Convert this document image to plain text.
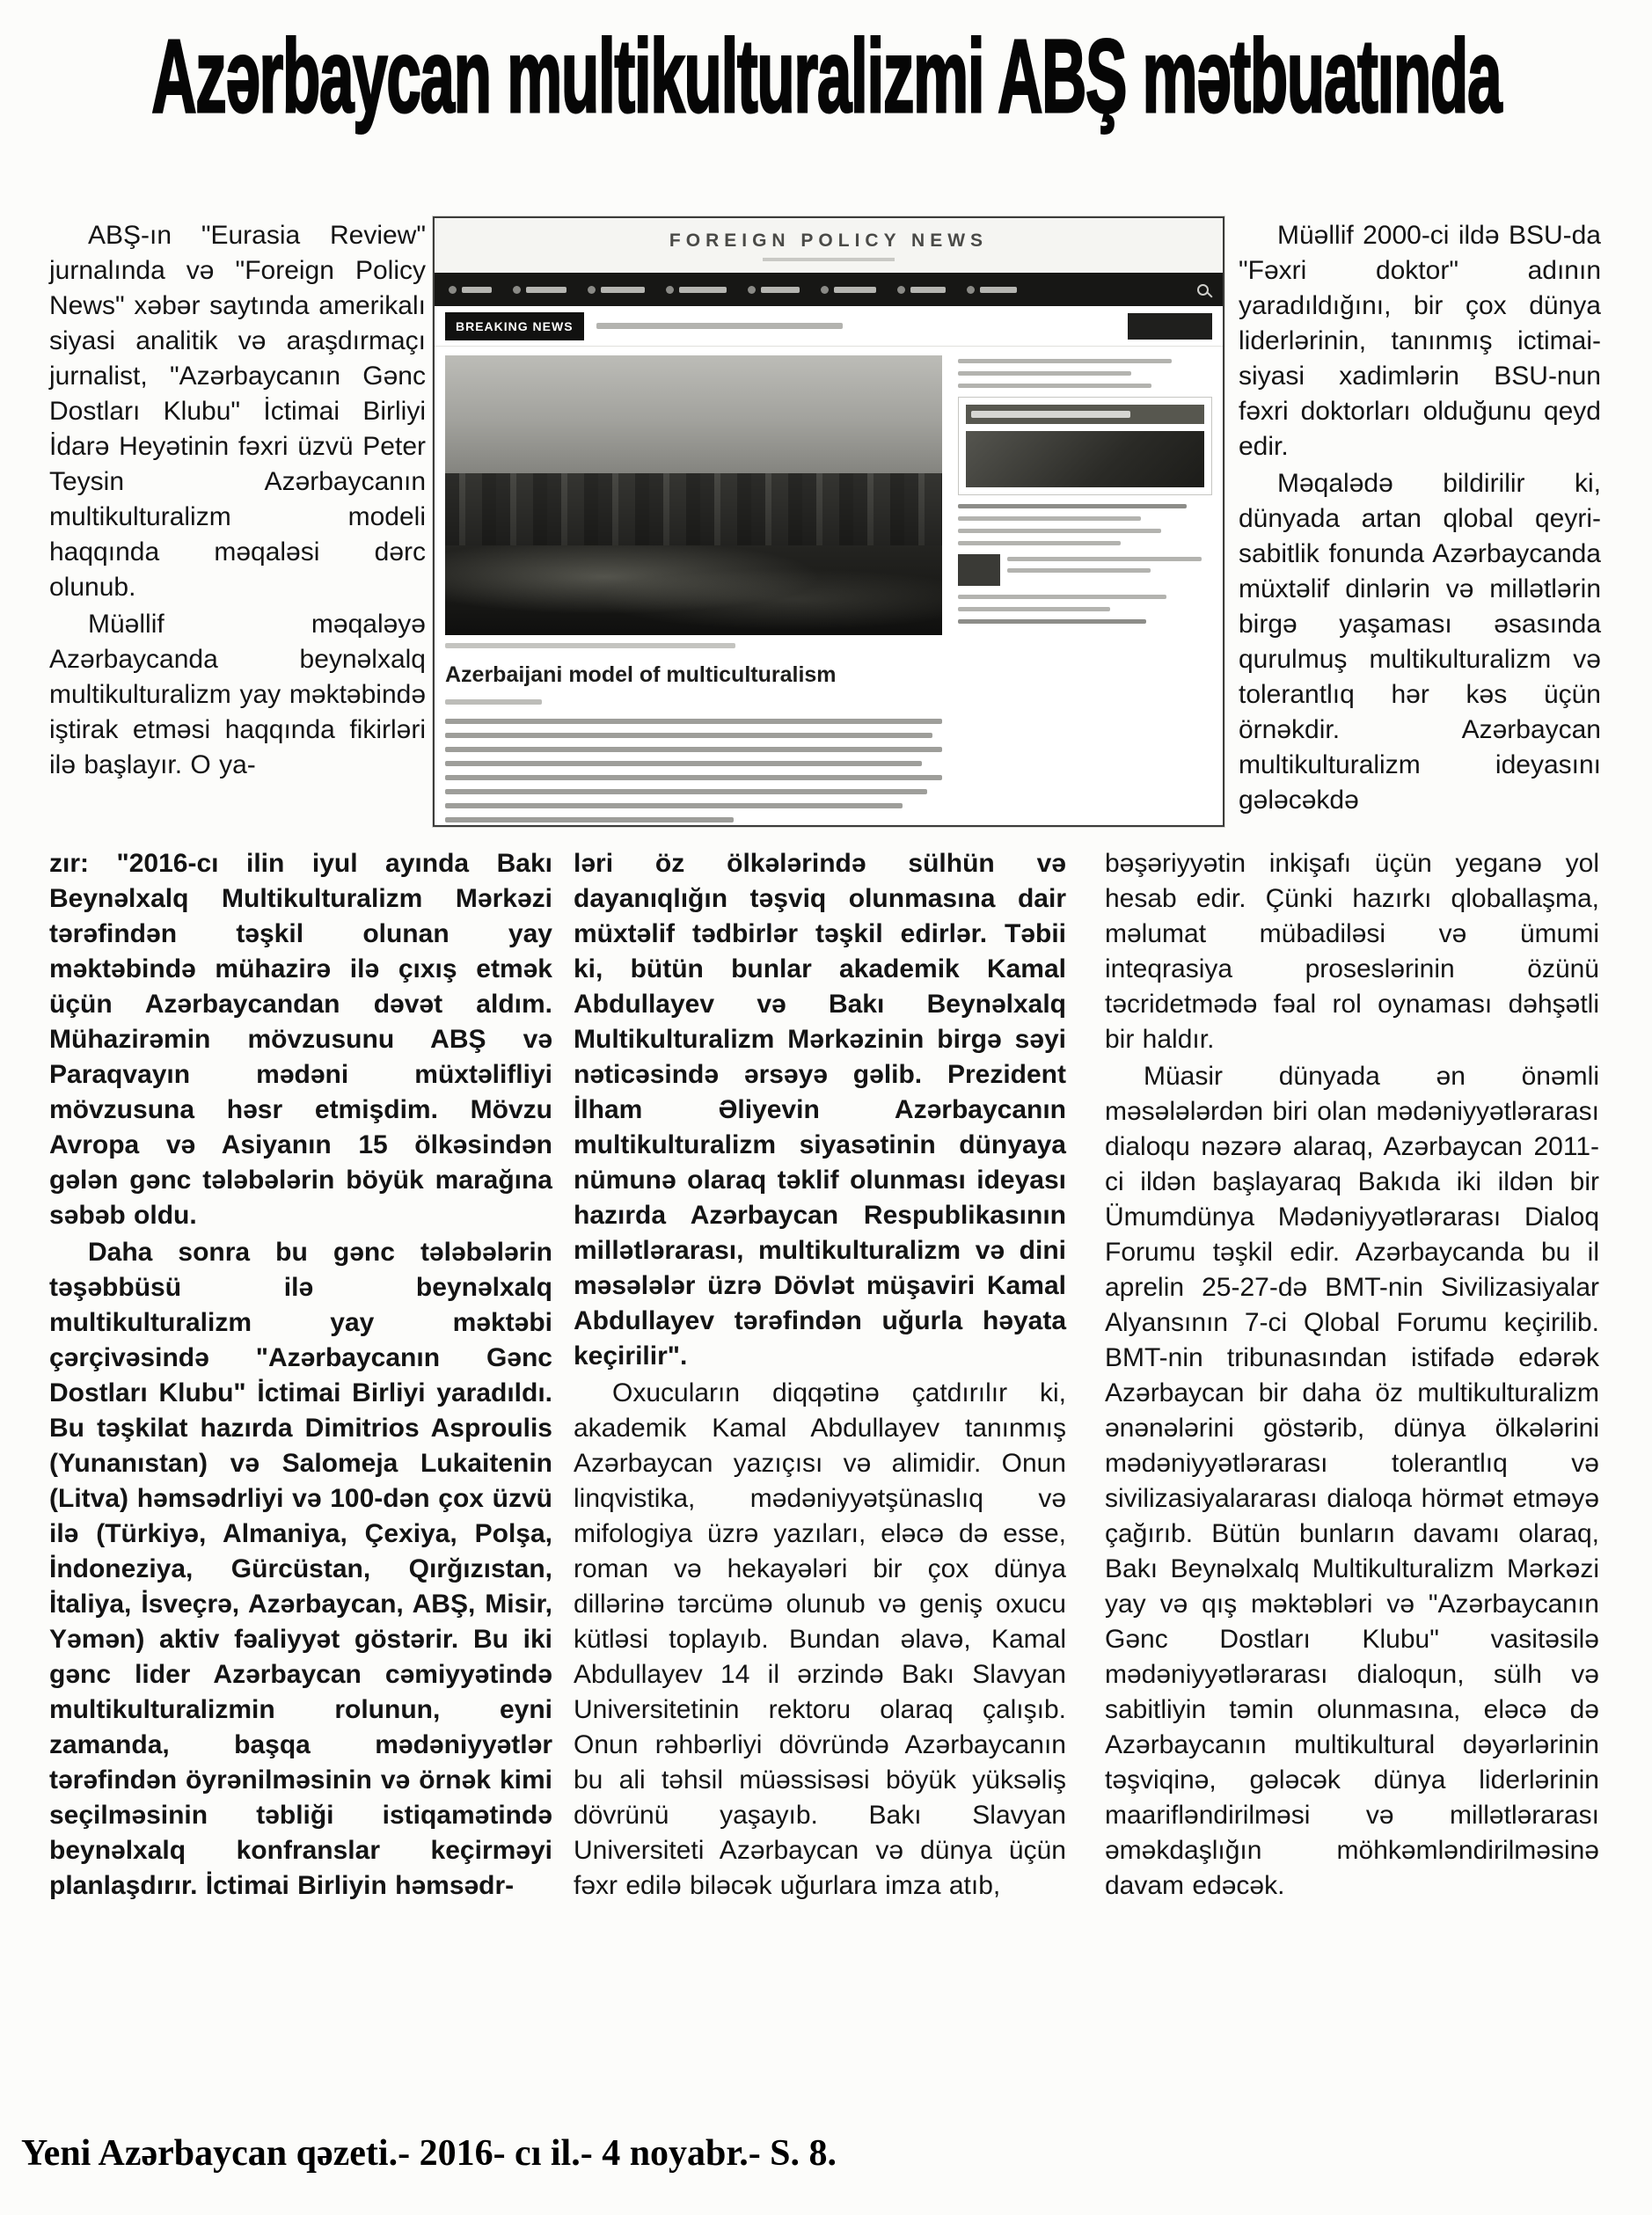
Azərbaycan multikulturalizmi ABŞ mətbuatında

ABŞ-ın "Eurasia Review" jurnalında və "Foreign Policy News" xəbər saytında amerikalı siyasi analitik və araşdırmaçı jurnalist, "Azərbaycanın Gənc Dostları Klubu" İctimai Birliyi İdarə Heyətinin fəxri üzvü Peter Teysin Azərbaycanın multikulturalizm modeli haqqında məqaləsi dərc olunub.

Müəllif məqaləyə Azərbaycanda beynəlxalq multikulturalizm yay məktəbində iştirak etməsi haqqında fikirləri ilə başlayır. O ya-

FOREIGN POLICY NEWS
BREAKING NEWS
Azerbaijani model of multiculturalism

Müəllif 2000-ci ildə BSU-da "Fəxri doktor" adının yaradıldığını, bir çox dünya liderlərinin, tanınmış ictimai-siyasi xadimlərin BSU-nun fəxri doktorları olduğunu qeyd edir.

Məqalədə bildirilir ki, dünyada artan qlobal qeyri-sabitlik fonunda Azərbaycanda müxtəlif dinlərin və millətlərin birgə yaşaması əsasında qurulmuş multikulturalizm və tolerantlıq hər kəs üçün örnəkdir. Azərbaycan multikulturalizm ideyasını gələcəkdə

zır: "2016-cı ilin iyul ayında Bakı Beynəlxalq Multikulturalizm Mərkəzi tərəfindən təşkil olunan yay məktəbində mühazirə ilə çıxış etmək üçün Azərbaycandan dəvət aldım. Mühazirəmin mövzusunu ABŞ və Paraqvayın mədəni müxtəlifliyi mövzusuna həsr etmişdim. Mövzu Avropa və Asiyanın 15 ölkəsindən gələn gənc tələbələrin böyük marağına səbəb oldu.

Daha sonra bu gənc tələbələrin təşəbbüsü ilə beynəlxalq multikulturalizm yay məktəbi çərçivəsində "Azərbaycanın Gənc Dostları Klubu" İctimai Birliyi yaradıldı. Bu təşkilat hazırda Dimitrios Asproulis (Yunanıstan) və Salomeja Lukaitenin (Litva) həmsədrliyi və 100-dən çox üzvü ilə (Türkiyə, Almaniya, Çexiya, Polşa, İndoneziya, Gürcüstan, Qırğızıstan, İtaliya, İsveçrə, Azərbaycan, ABŞ, Misir, Yəmən) aktiv fəaliyyət göstərir. Bu iki gənc lider Azərbaycan cəmiyyətində multikulturalizmin rolunun, eyni zamanda, başqa mədəniyyətlər tərəfindən öyrənilməsinin və örnək kimi seçilməsinin təbliği istiqamətində beynəlxalq konfranslar keçirməyi planlaşdırır. İctimai Birliyin həmsədr-

ləri öz ölkələrində sülhün və dayanıqlığın təşviq olunmasına dair müxtəlif tədbirlər təşkil edirlər. Təbii ki, bütün bunlar akademik Kamal Abdullayev və Bakı Beynəlxalq Multikulturalizm Mərkəzinin birgə səyi nəticəsində ərsəyə gəlib. Prezident İlham Əliyevin Azərbaycanın multikulturalizm siyasətinin dünyaya nümunə olaraq təklif olunması ideyası hazırda Azərbaycan Respublikasının millətlərarası, multikulturalizm və dini məsələlər üzrə Dövlət müşaviri Kamal Abdullayev tərəfindən uğurla həyata keçirilir".

Oxucuların diqqətinə çatdırılır ki, akademik Kamal Abdullayev tanınmış Azərbaycan yazıçısı və alimidir. Onun linqvistika, mədəniyyətşünaslıq və mifologiya üzrə yazıları, eləcə də esse, roman və hekayələri bir çox dünya dillərinə tərcümə olunub və geniş oxucu kütləsi toplayıb. Bundan əlavə, Kamal Abdullayev 14 il ərzində Bakı Slavyan Universitetinin rektoru olaraq çalışıb. Onun rəhbərliyi dövründə Azərbaycanın bu ali təhsil müəssisəsi böyük yüksəliş dövrünü yaşayıb. Bakı Slavyan Universiteti Azərbaycan və dünya üçün fəxr edilə biləcək uğurlara imza atıb,

bəşəriyyətin inkişafı üçün yeganə yol hesab edir. Çünki hazırkı qloballaşma, məlumat mübadiləsi və ümumi inteqrasiya proseslərinin özünü təcridetmədə fəal rol oynaması dəhşətli bir haldır.

Müasir dünyada ən önəmli məsələlərdən biri olan mədəniyyətlərarası dialoqu nəzərə alaraq, Azərbaycan 2011-ci ildən başlayaraq Bakıda iki ildən bir Ümumdünya Mədəniyyətlərarası Dialoq Forumu təşkil edir. Azərbaycanda bu il aprelin 25-27-də BMT-nin Sivilizasiyalar Alyansının 7-ci Qlobal Forumu keçirilib. BMT-nin tribunasından istifadə edərək Azərbaycan bir daha öz multikulturalizm ənənələrini göstərib, dünya ölkələrini mədəniyyətlərarası tolerantlıq və sivilizasiyalararası dialoqa hörmət etməyə çağırıb. Bütün bunların davamı olaraq, Bakı Beynəlxalq Multikulturalizm Mərkəzi yay və qış məktəbləri və "Azərbaycanın Gənc Dostları Klubu" vasitəsilə mədəniyyətlərarası dialoqun, sülh və sabitliyin təmin olunmasına, eləcə də Azərbaycanın multikultural dəyərlərinin təşviqinə, gələcək dünya liderlərinin maarifləndirilməsi və millətlərarası əməkdaşlığın möhkəmləndirilməsinə davam edəcək.

Yeni Azərbaycan qəzeti.- 2016- cı il.- 4 noyabr.- S. 8.
